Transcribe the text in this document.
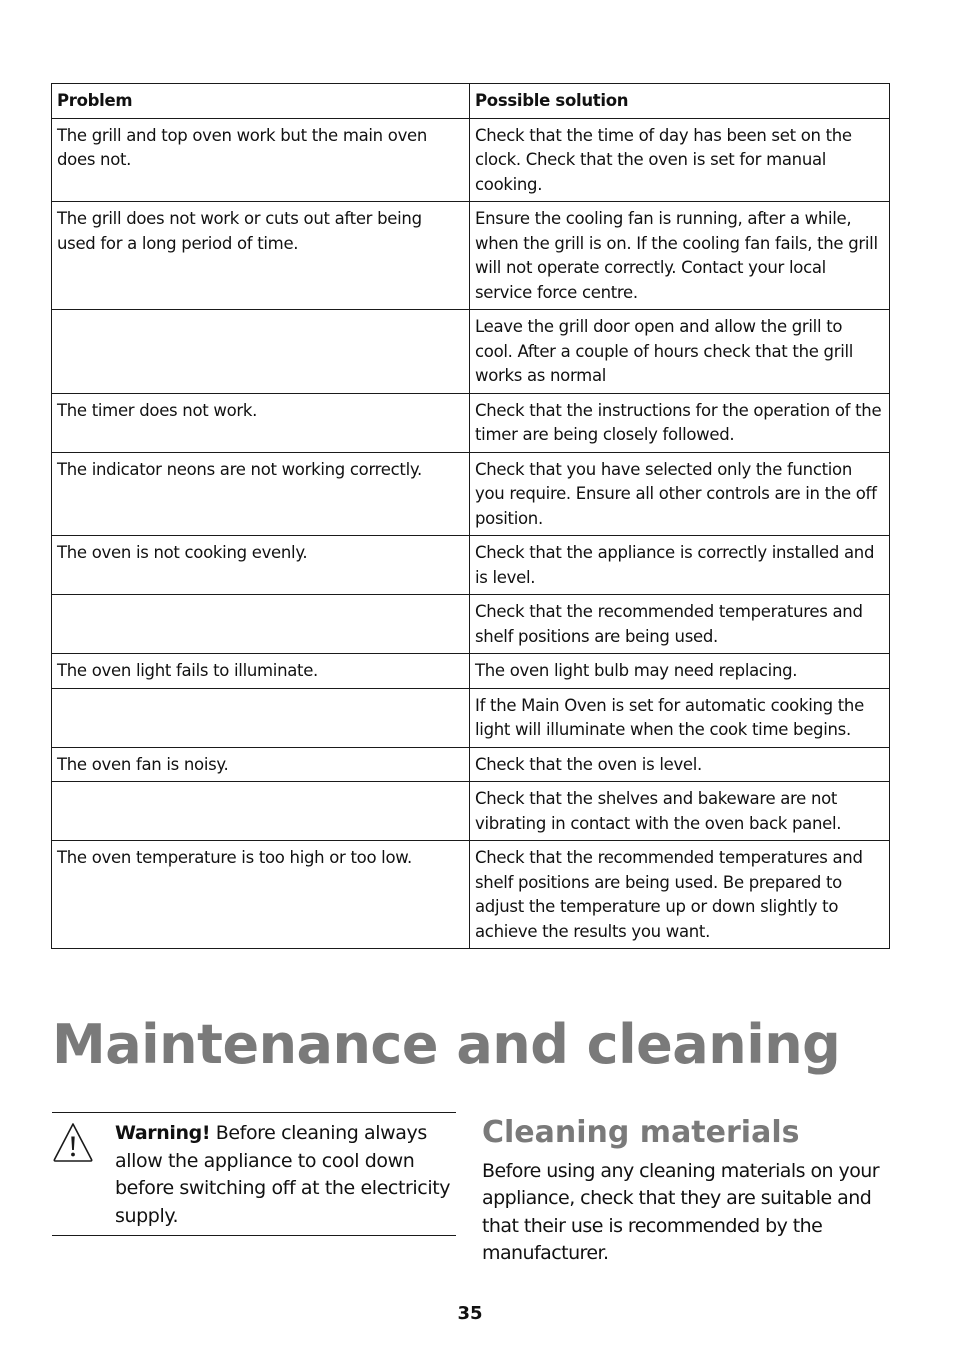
Problem	Possible solution
The grill and top oven work but the main oven does not.	Check that the time of day has been set on the clock. Check that the oven is set for manual cooking.
The grill does not work or cuts out after being used for a long period of time.	Ensure the cooling fan is running, after a while, when the grill is on. If the cooling fan fails, the grill will not operate correctly. Contact your local service force centre.
	Leave the grill door open and allow the grill to cool. After a couple of hours check that the grill works as normal
The timer does not work.	Check that the instructions for the operation of the timer are being closely followed.
The indicator neons are not working correctly.	Check that you have selected only the function you require. Ensure all other controls are in the off position.
The oven is not cooking evenly.	Check that the appliance is correctly installed and is level.
	Check that the recommended temperatures and shelf positions are being used.
The oven light fails to illuminate.	The oven light bulb may need replacing.
	If the Main Oven is set for automatic cooking the light will illuminate when the cook time begins.
The oven fan is noisy.	Check that the oven is level.
	Check that the shelves and bakeware are not vibrating in contact with the oven back panel.
The oven temperature is too high or too low.	Check that the recommended temperatures and shelf positions are being used. Be prepared to adjust the temperature up or down slightly to achieve the results you want.
Maintenance and cleaning
Warning! Before cleaning always allow the appliance to cool down before switching off at the electricity supply.
Cleaning materials

Before using any cleaning materials on your appliance, check that they are suitable and that their use is recommended by the manufacturer.

35
